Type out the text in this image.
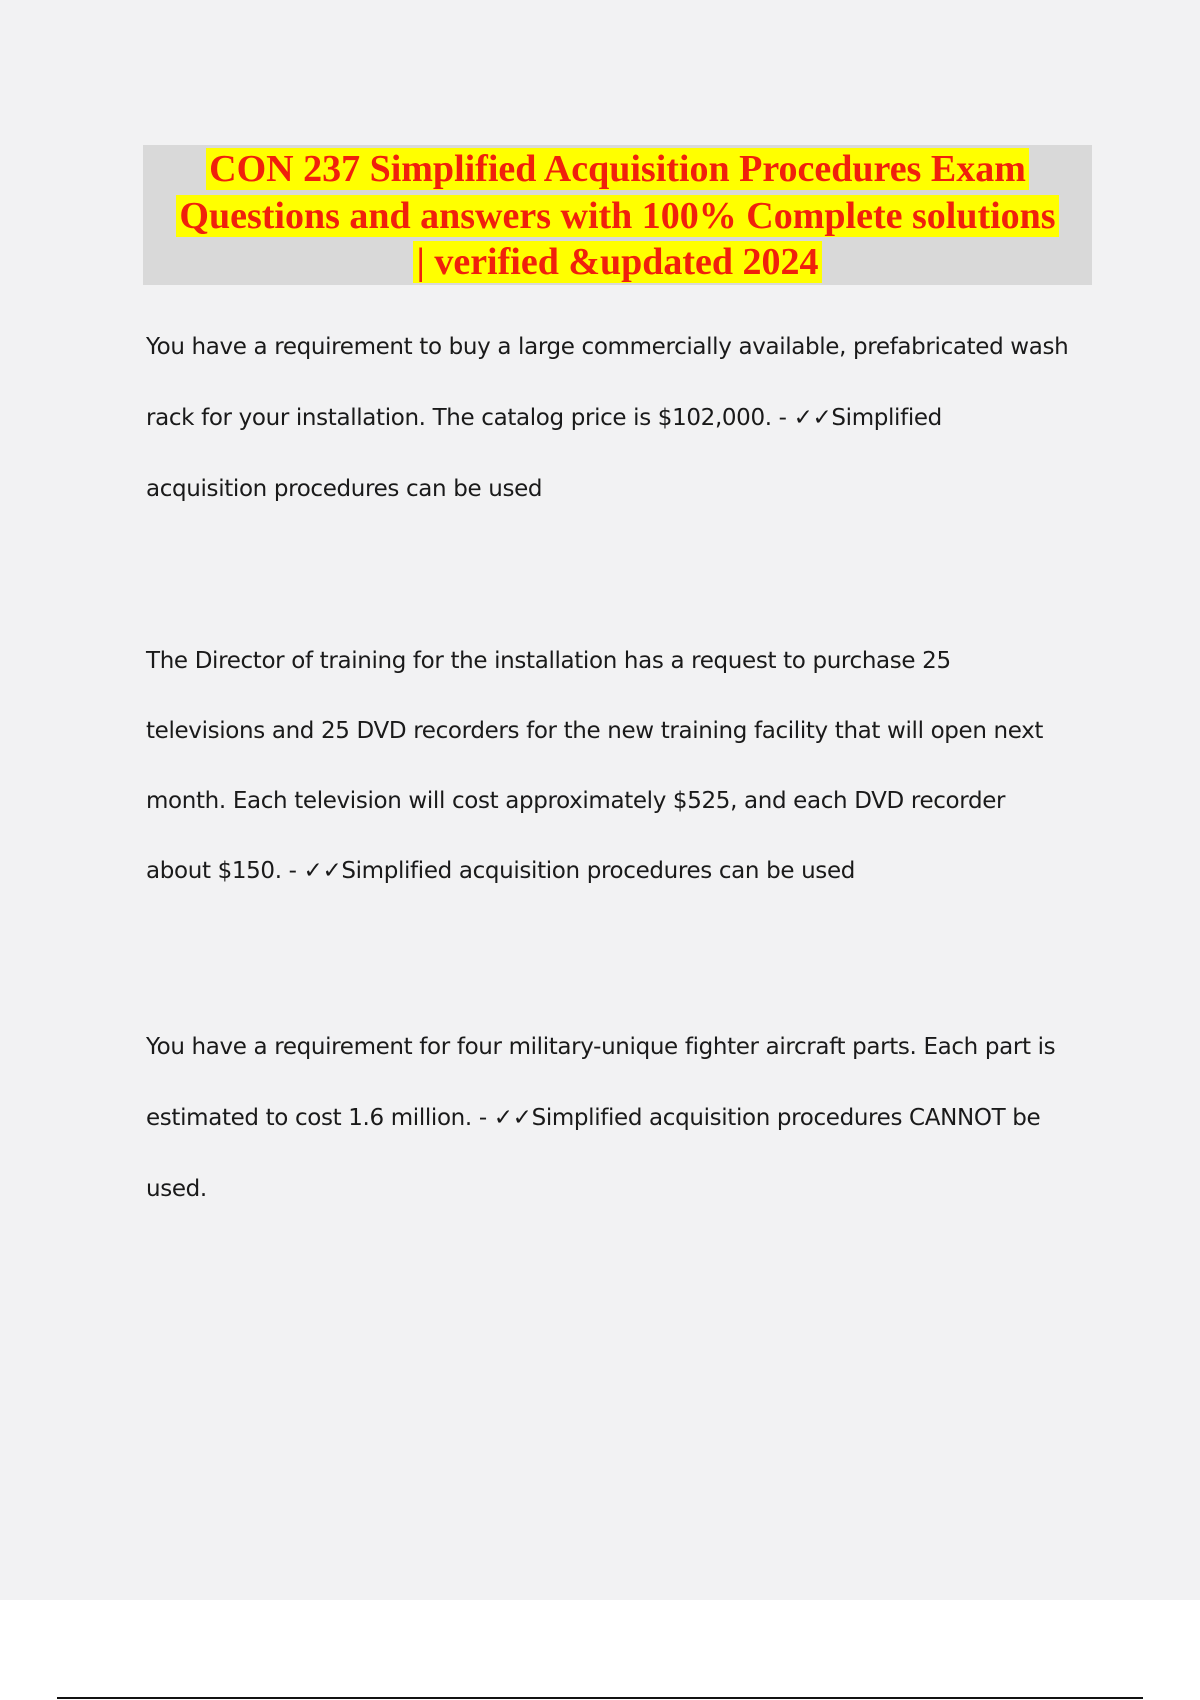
CON 237 Simplified Acquisition Procedures Exam
Questions and answers with 100% Complete solutions
| verified &updated 2024
You have a requirement to buy a large commercially available, prefabricated wash
rack for your installation. The catalog price is $102,000. - ✓✓Simplified
acquisition procedures can be used
The Director of training for the installation has a request to purchase 25
televisions and 25 DVD recorders for the new training facility that will open next
month. Each television will cost approximately $525, and each DVD recorder
about $150. - ✓✓Simplified acquisition procedures can be used
You have a requirement for four military-unique fighter aircraft parts. Each part is
estimated to cost 1.6 million. - ✓✓Simplified acquisition procedures CANNOT be
used.
